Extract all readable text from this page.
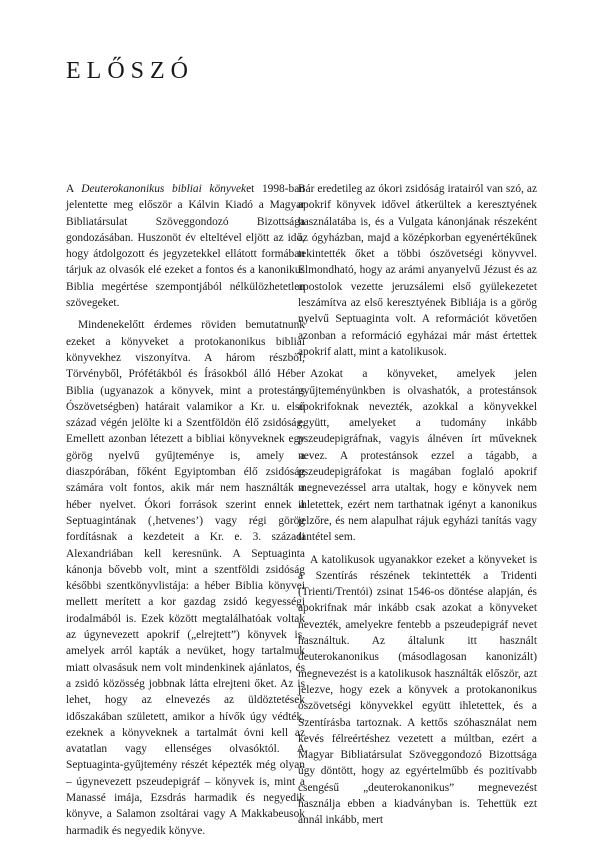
ELŐSZÓ

A Deuterokanonikus bibliai könyveket 1998-ban jelentette meg először a Kálvin Kiadó a Magyar Bibliatársulat Szöveggondozó Bizottsága gondozásában. Huszonöt év elteltével eljött az idő, hogy átdolgozott és jegyzetekkel ellátott formában tárjuk az olvasók elé ezeket a fontos és a kanonikus Biblia megértése szempontjából nélkülözhetetlen szövegeket.

Mindenekelőtt érdemes röviden bemutatnunk ezeket a könyveket a protokanonikus bibliai könyvekhez viszonyítva. A három részből, Törvényből, Prófétákból és Írásokból álló Héber Biblia (ugyanazok a könyvek, mint a protestáns Ószövetségben) határait valamikor a Kr. u. első század végén jelölte ki a Szentföldön élő zsidóság. Emellett azonban létezett a bibliai könyveknek egy görög nyelvű gyűjteménye is, amely a diaszpórában, főként Egyiptomban élő zsidóság számára volt fontos, akik már nem használták a héber nyelvet. Ókori források szerint ennek a Septuagintának (‚hetvenes’) vagy régi görög fordításnak a kezdeteit a Kr. e. 3. századi Alexandriában kell keresnünk. A Septuaginta kánonja bővebb volt, mint a szentföldi zsidóság későbbi szentkönyvlistája: a héber Biblia könyvei mellett merített a kor gazdag zsidó kegyességi irodalmából is. Ezek között megtalálhatóak voltak az úgynevezett apokrif („elrejtett”) könyvek is, amelyek arról kapták a nevüket, hogy tartalmuk miatt olvasásuk nem volt mindenkinek ajánlatos, és a zsidó közösség jobbnak látta elrejteni őket. Az is lehet, hogy az elnevezés az üldöztetések időszakában született, amikor a hívők úgy védték, ezeknek a könyveknek a tartalmát óvni kell az avatatlan vagy ellenséges olvasóktól. A Septuaginta-gyűjtemény részét képezték még olyan – úgynevezett pszeudepigráf – könyvek is, mint a Manassé imája, Ezsdrás harmadik és negyedik könyve, a Salamon zsoltárai vagy A Makkabeusok harmadik és negyedik könyve.

Bár eredetileg az ókori zsidóság iratairól van szó, az apokrif könyvek idővel átkerültek a keresztyének használatába is, és a Vulgata kánonjának részeként az ógyházban, majd a középkorban egyenértékűnek tekintették őket a többi ószövetségi könyvvel. Elmondható, hogy az arámi anyanyelvű Jézust és az apostolok vezette jeruzsálemi első gyülekezetet leszámítva az első keresztyének Bibliája is a görög nyelvű Septuaginta volt. A reformációt követően azonban a reformáció egyházai már mást értettek apokrif alatt, mint a katolikusok.

Azokat a könyveket, amelyek jelen gyűjteményünkben is olvashatók, a protestánsok apokrifoknak nevezték, azokkal a könyvekkel együtt, amelyeket a tudomány inkább pszeudepigráfnak, vagyis álnéven írt műveknek nevez. A protestánsok ezzel a tágabb, a pszeudepigráfokat is magában foglaló apokrif megnevezéssel arra utaltak, hogy e könyvek nem ihletettek, ezért nem tarthatnak igényt a kanonikus jelzőre, és nem alapulhat rájuk egyházi tanítás vagy tantétel sem.

A katolikusok ugyanakkor ezeket a könyveket is a Szentírás részének tekintették a Tridenti (Trienti/Trentói) zsinat 1546-os döntése alapján, és apokrifnak már inkább csak azokat a könyveket nevezték, amelyekre fentebb a pszeudepigráf nevet használtuk. Az általunk itt használt deuterokanonikus (másodlagosan kanonizált) megnevezést is a katolikusok használták először, azt jelezve, hogy ezek a könyvek a protokanonikus ószövetségi könyvekkel együtt ihletettek, és a Szentírásba tartoznak. A kettős szóhasználat nem kevés félreértéshez vezetett a múltban, ezért a Magyar Bibliatársulat Szöveggondozó Bizottsága úgy döntött, hogy az egyértelműbb és pozitívabb csengésű „deuterokanonikus” megnevezést használja ebben a kiadványban is. Tehettük ezt annál inkább, mert
